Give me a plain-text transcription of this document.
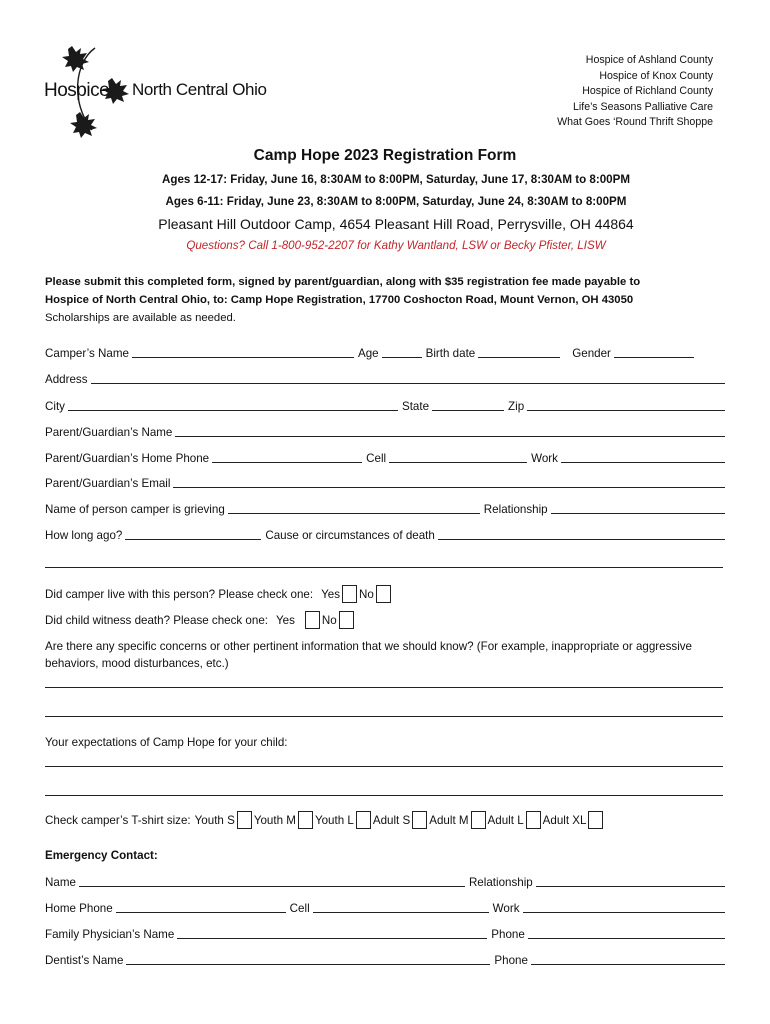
Hospice North Central Ohio
Hospice of Ashland County
Hospice of Knox County
Hospice of Richland County
Life’s Seasons Palliative Care
What Goes ‘Round Thrift Shoppe
Camp Hope 2023 Registration Form
Ages 12-17: Friday, June 16, 8:30AM to 8:00PM, Saturday, June 17, 8:30AM to 8:00PM
Ages 6-11: Friday, June 23, 8:30AM to 8:00PM, Saturday, June 24, 8:30AM to 8:00PM
Pleasant Hill Outdoor Camp, 4654 Pleasant Hill Road, Perrysville, OH 44864
Questions? Call 1-800-952-2207 for Kathy Wantland, LSW or Becky Pfister, LISW
Please submit this completed form, signed by parent/guardian, along with $35 registration fee made payable to
Hospice of North Central Ohio, to: Camp Hope Registration, 17700 Coshocton Road, Mount Vernon, OH 43050
Scholarships are available as needed.
Camper’s Name	Age	Birth date	Gender
Address
City	State	Zip
Parent/Guardian’s Name
Parent/Guardian’s Home Phone	Cell	Work
Parent/Guardian’s Email
Name of person camper is grieving	Relationship
How long ago?	Cause or circumstances of death
Did camper live with this person? Please check one: Yes No
Did child witness death? Please check one: Yes No
Are there any specific concerns or other pertinent information that we should know? (For example, inappropriate or aggressive behaviors, mood disturbances, etc.)
Your expectations of Camp Hope for your child:
Check camper’s T-shirt size: Youth S Youth M Youth L Adult S Adult M Adult L Adult XL
Emergency Contact:
Name	Relationship
Home Phone	Cell	Work
Family Physician’s Name	Phone
Dentist’s Name	Phone
